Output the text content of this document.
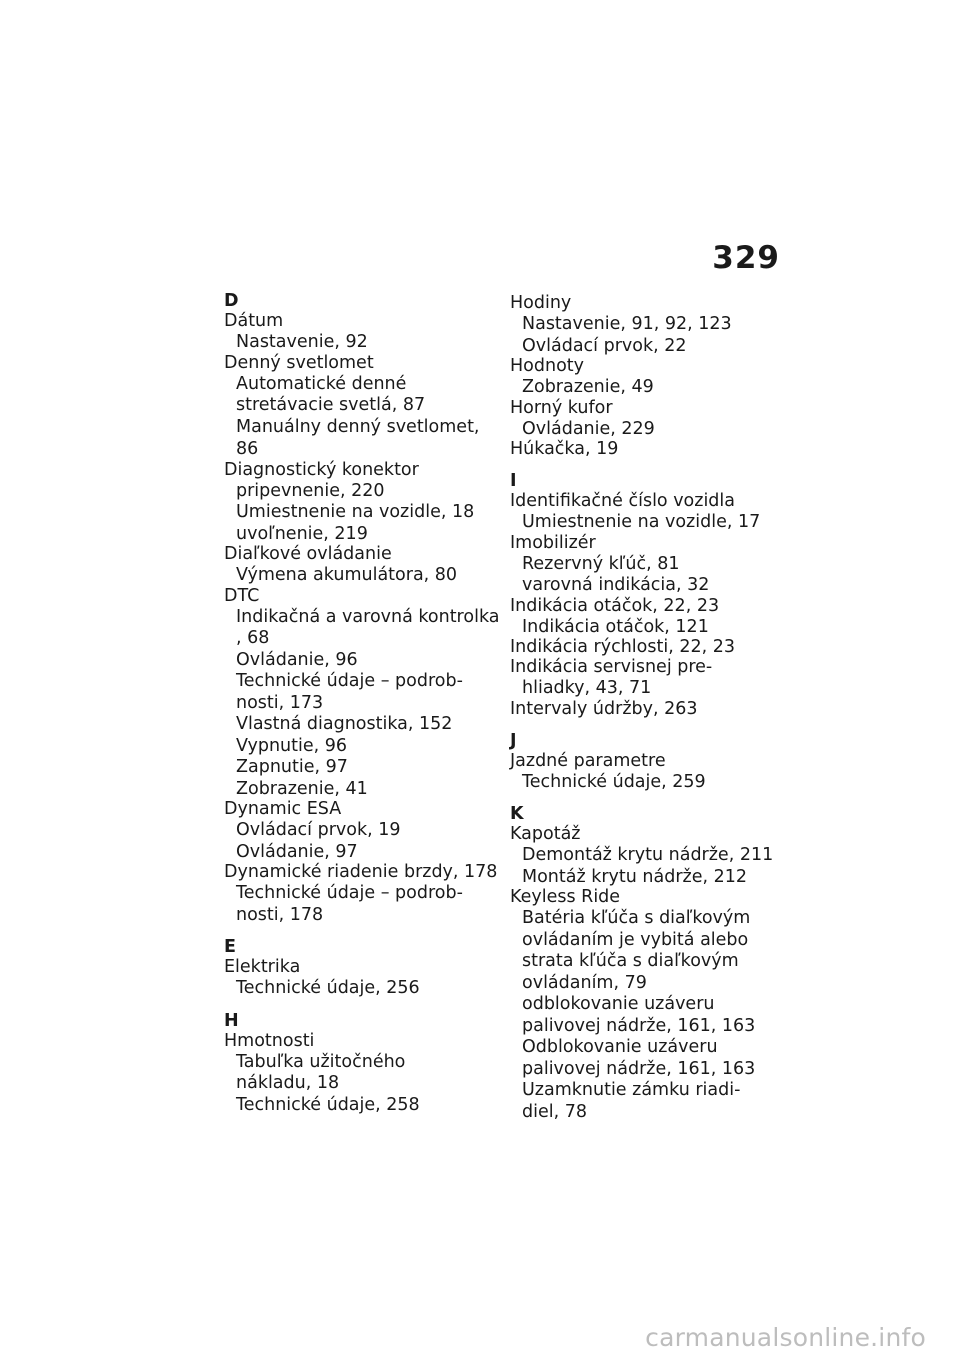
329
D
Dátum
Nastavenie, 92
Denný svetlomet
Automatické denné
stretávacie svetlá, 87
Manuálny denný svetlomet, 86
Diagnostický konektor
pripevnenie, 220
Umiestnenie na vozidle, 18
uvoľnenie, 219
Diaľkové ovládanie
Výmena akumulátora, 80
DTC
Indikačná a varovná kontrolka
, 68
Ovládanie, 96
Technické údaje – podrob-
nosti, 173
Vlastná diagnostika, 152
Vypnutie, 96
Zapnutie, 97
Zobrazenie, 41
Dynamic ESA
Ovládací prvok, 19
Ovládanie, 97
Dynamické riadenie brzdy, 178
Technické údaje – podrob-
nosti, 178
E
Elektrika
Technické údaje, 256
H
Hmotnosti
Tabuľka užitočného
nákladu, 18
Technické údaje, 258
Hodiny
Nastavenie, 91, 92, 123
Ovládací prvok, 22
Hodnoty
Zobrazenie, 49
Horný kufor
Ovládanie, 229
Húkačka, 19
I
Identifikačné číslo vozidla
Umiestnenie na vozidle, 17
Imobilizér
Rezervný kľúč, 81
varovná indikácia, 32
Indikácia otáčok, 22, 23
Indikácia otáčok, 121
Indikácia rýchlosti, 22, 23
Indikácia servisnej pre-
hliadky, 43, 71
Intervaly údržby, 263
J
Jazdné parametre
Technické údaje, 259
K
Kapotáž
Demontáž krytu nádrže, 211
Montáž krytu nádrže, 212
Keyless Ride
Batéria kľúča s diaľkovým
ovládaním je vybitá alebo
strata kľúča s diaľkovým
ovládaním, 79
odblokovanie uzáveru
palivovej nádrže, 161, 163
Odblokovanie uzáveru
palivovej nádrže, 161, 163
Uzamknutie zámku riadi-
diel, 78
carmanualsonline.info
